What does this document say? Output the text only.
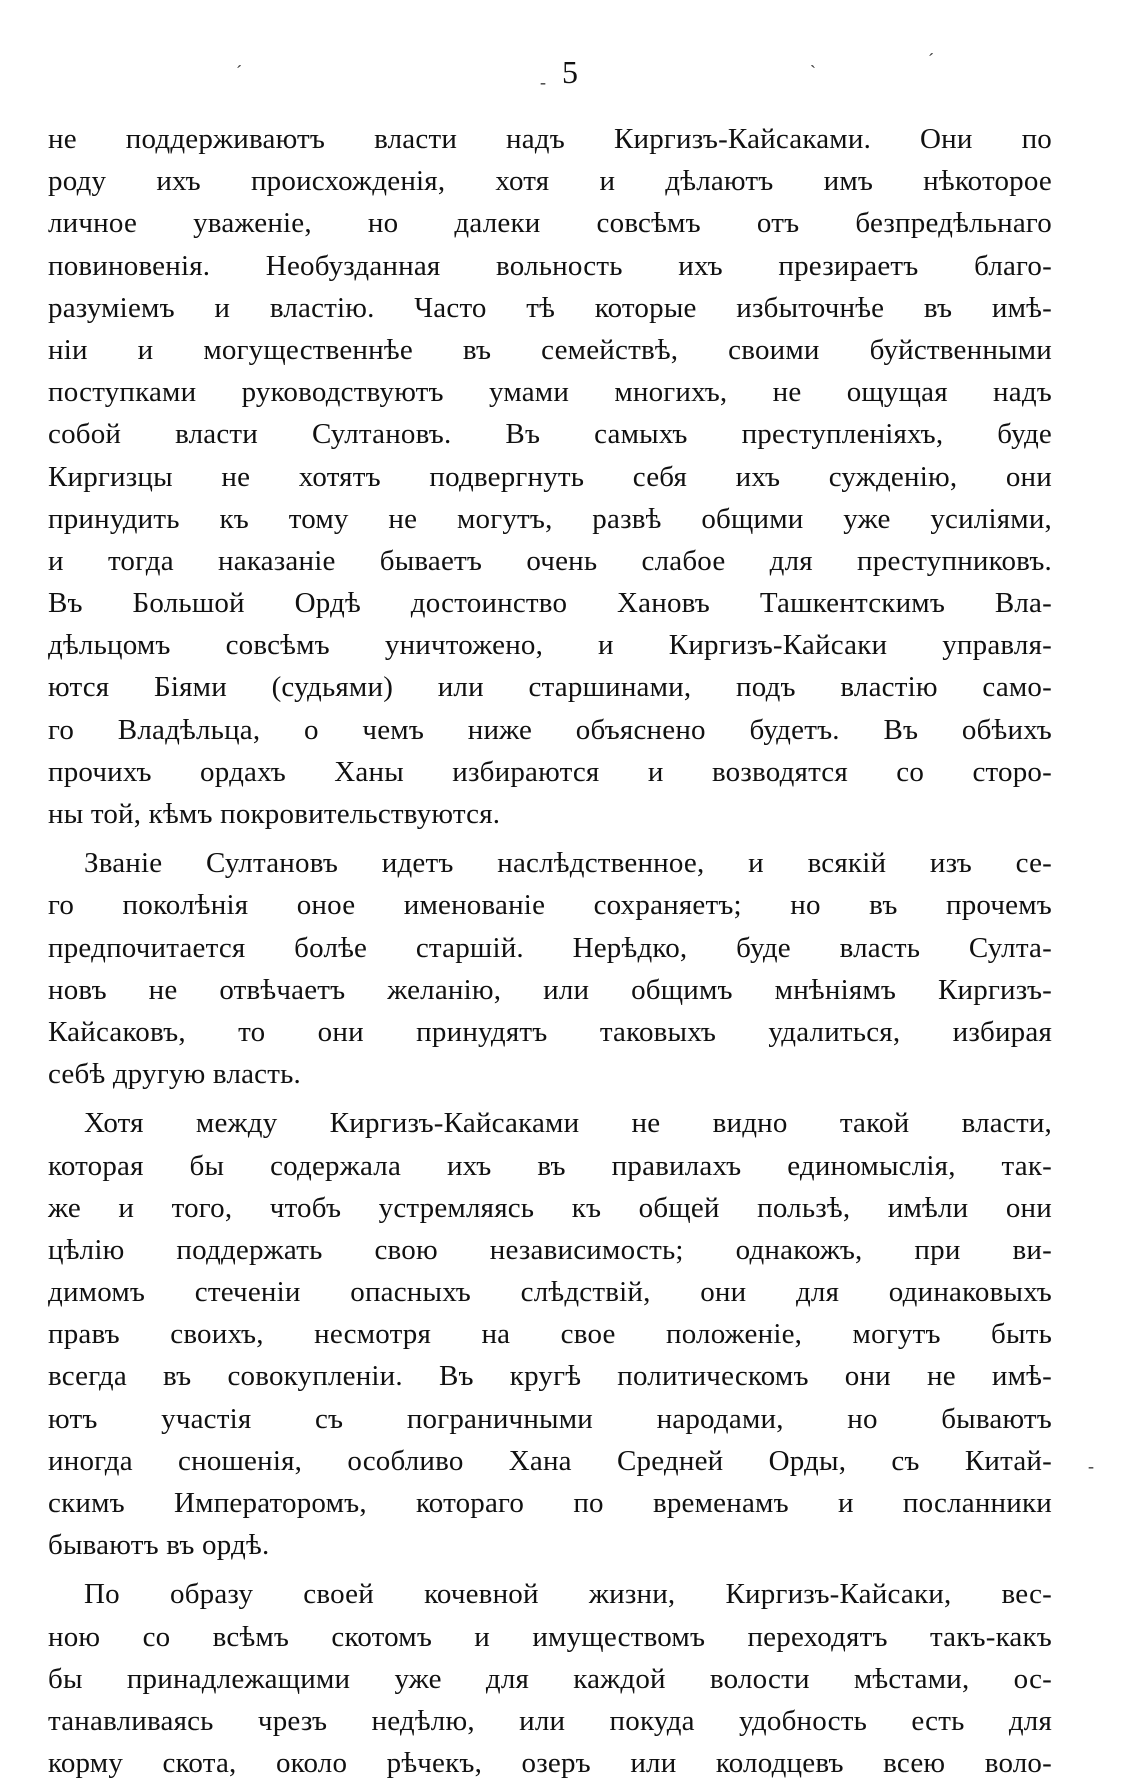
5
ˊ	-	ˋ
ˊ
-
не поддерживаютъ власти надъ Киргизъ-Кайсаками. Они по
роду ихъ происхожденія, хотя и дѣлаютъ имъ нѣкоторое
личное уваженіе, но далеки совсѣмъ отъ безпредѣльнаго
повиновенія. Необузданная вольность ихъ презираетъ благо-
разуміемъ и властію. Часто тѣ которые избыточнѣе въ имѣ-
ніи и могущественнѣе въ семействѣ, своими буйственными
поступками руководствуютъ умами многихъ, не ощущая надъ
собой власти Султановъ. Въ самыхъ преступленіяхъ, буде
Киргизцы не хотятъ подвергнуть себя ихъ сужденію, они
принудить къ тому не могутъ, развѣ общими уже усиліями,
и тогда наказаніе бываетъ очень слабое для преступниковъ.
Въ Большой Ордѣ достоинство Хановъ Ташкентскимъ Вла-
дѣльцомъ совсѣмъ уничтожено, и Киргизъ-Кайсаки управля-
ются Біями (судьями) или старшинами, подъ властію само-
го Владѣльца, о чемъ ниже объяснено будетъ. Въ обѣихъ
прочихъ ордахъ Ханы избираются и возводятся со сторо-
ны той, кѣмъ покровительствуются.
Званіе Султановъ идетъ наслѣдственное, и всякій изъ се-
го поколѣнія оное именованіе сохраняетъ; но въ прочемъ
предпочитается болѣе старшій. Нерѣдко, буде власть Султа-
новъ не отвѣчаетъ желанію, или общимъ мнѣніямъ Киргизъ-
Кайсаковъ, то они принудятъ таковыхъ удалиться, избирая
себѣ другую власть.
Хотя между Киргизъ-Кайсаками не видно такой власти,
которая бы содержала ихъ въ правилахъ единомыслія, так-
же и того, чтобъ устремляясь къ общей пользѣ, имѣли они
цѣлію поддержать свою независимость; однакожъ, при ви-
димомъ стеченіи опасныхъ слѣдствій, они для одинаковыхъ
правъ своихъ, несмотря на свое положеніе, могутъ быть
всегда въ совокупленіи. Въ кругѣ политическомъ они не имѣ-
ютъ участія съ пограничными народами, но бываютъ
иногда сношенія, особливо Хана Средней Орды, съ Китай-
скимъ Императоромъ, котораго по временамъ и посланники
бываютъ въ ордѣ.
По образу своей кочевной жизни, Киргизъ-Кайсаки, вес-
ною со всѣмъ скотомъ и имуществомъ переходятъ такъ-какъ
бы принадлежащими уже для каждой волости мѣстами, ос-
танавливаясь чрезъ недѣлю, или покуда удобность есть для
корму скота, около рѣчекъ, озеръ или колодцевъ всею воло-
